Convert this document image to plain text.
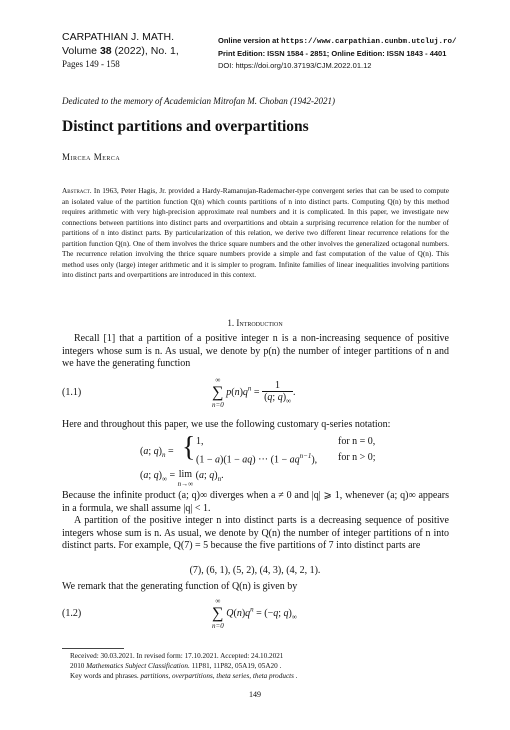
CARPATHIAN J. MATH.
Volume 38 (2022), No. 1,
Pages 149 - 158
Online version at https://www.carpathian.cunbm.utcluj.ro/
Print Edition: ISSN 1584 - 2851; Online Edition: ISSN 1843 - 4401
DOI: https://doi.org/10.37193/CJM.2022.01.12
Dedicated to the memory of Academician Mitrofan M. Choban (1942-2021)
Distinct partitions and overpartitions
Mircea Merca
Abstract. In 1963, Peter Hagis, Jr. provided a Hardy-Ramanujan-Rademacher-type convergent series that can be used to compute an isolated value of the partition function Q(n) which counts partitions of n into distinct parts. Computing Q(n) by this method requires arithmetic with very high-precision approximate real numbers and it is complicated. In this paper, we investigate new connections between partitions into distinct parts and overpartitions and obtain a surprising recurrence relation for the number of partitions of n into distinct parts. By particularization of this relation, we derive two different linear recurrence relations for the partition function Q(n). One of them involves the thrice square numbers and the other involves the generalized octagonal numbers. The recurrence relation involving the thrice square numbers provide a simple and fast computation of the value of Q(n). This method uses only (large) integer arithmetic and it is simpler to program. Infinite families of linear inequalities involving partitions into distinct parts and overpartitions are introduced in this context.
1. Introduction
Recall [1] that a partition of a positive integer n is a non-increasing sequence of positive integers whose sum is n. As usual, we denote by p(n) the number of integer partitions of n and we have the generating function
(1.1)
∞
∑
n=0 $p(n)q^n = \frac{1}{(q; q)_\infty}$ .
Here and throughout this paper, we use the following customary q-series notation:
(a; $q)_n$ = { 1,	for n = 0,
(1 − a)(1 − aq) ··· $(1 - aq^{n-1})$, for n > 0;
(a; $q)_\infty = \lim$
n→∞ (a; $q)_n$.
Because the infinite product (a; q)∞ diverges when a ≠ 0 and |q| ⩾ 1, whenever (a; q)∞ appears in a formula, we shall assume |q| < 1.
A partition of the positive integer n into distinct parts is a decreasing sequence of positive integers whose sum is n. As usual, we denote by Q(n) the number of integer partitions of n into distinct parts. For example, Q(7) = 5 because the five partitions of 7 into distinct parts are
(7), (6, 1), (5, 2), (4, 3), (4, 2, 1).
We remark that the generating function of Q(n) is given by
(1.2)
∞
∑
n=0 $Q(n)q^n = (-q$; $q)_\infty$
Received: 30.03.2021. In revised form: 17.10.2021. Accepted: 24.10.2021
2010 Mathematics Subject Classification. 11P81, 11P82, 05A19, 05A20 .
Key words and phrases. partitions, overpartitions, theta series, theta products .
149
